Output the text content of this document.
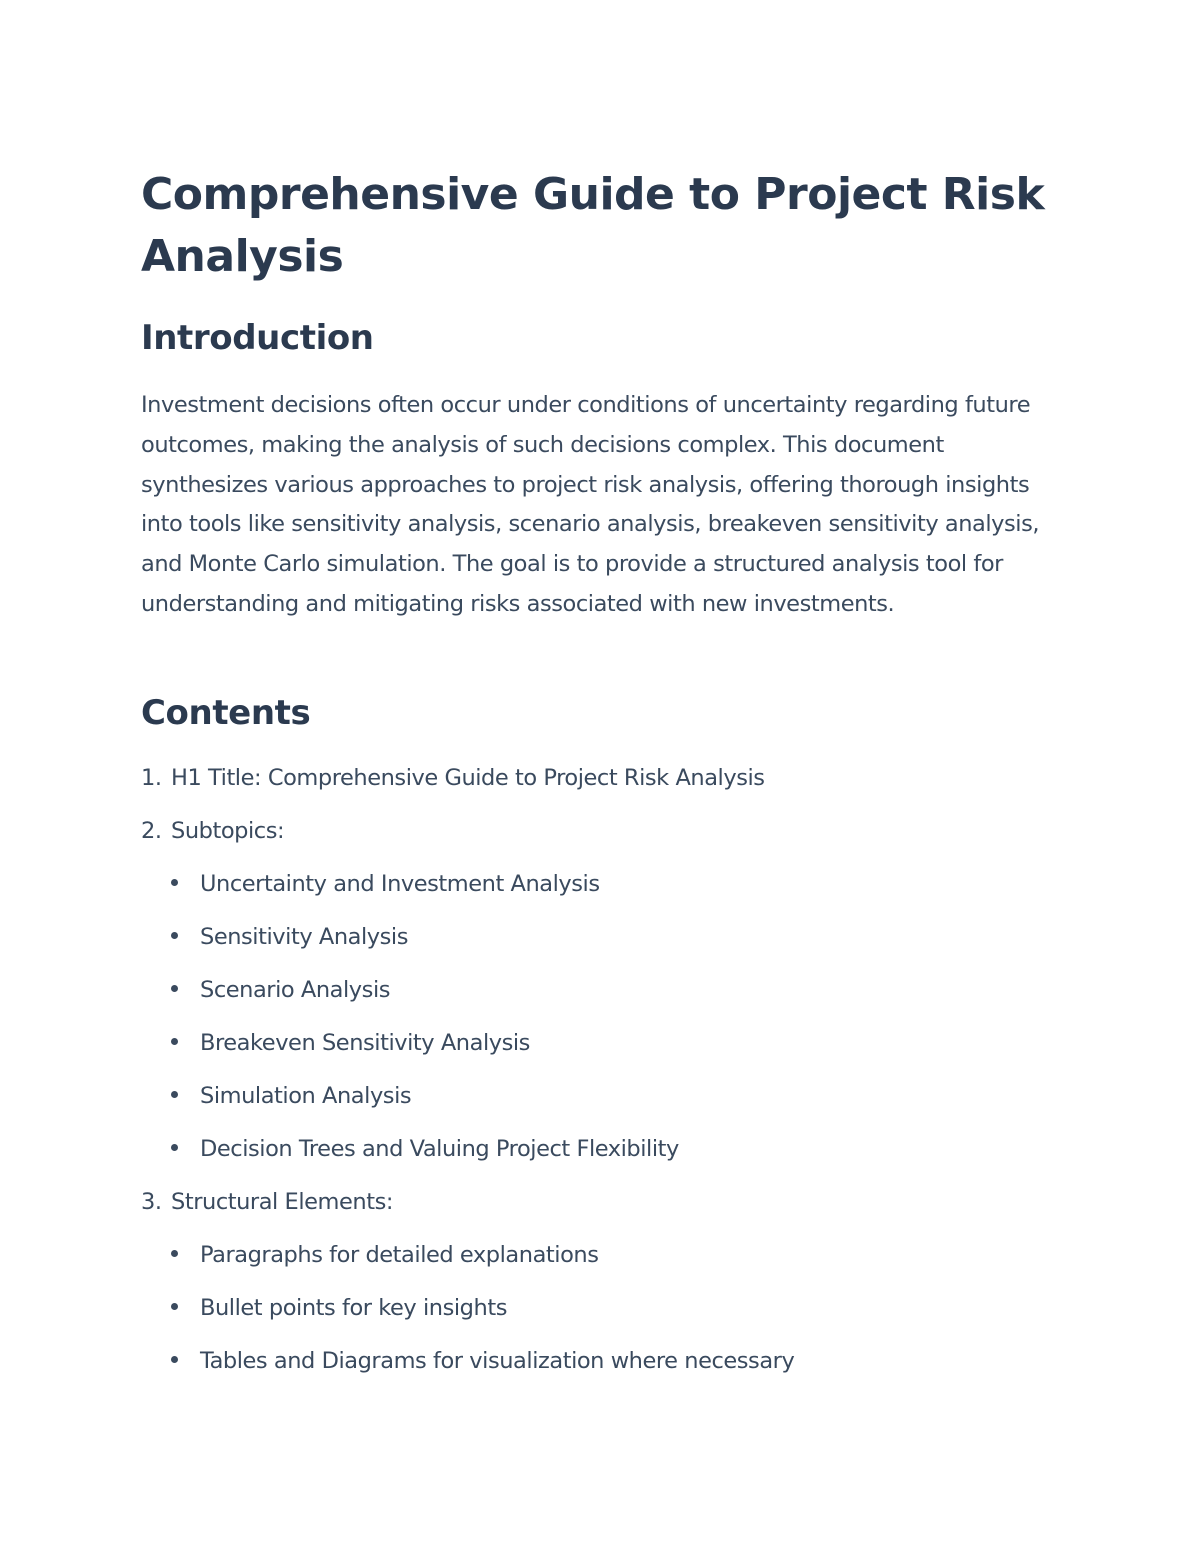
Comprehensive Guide to Project Risk Analysis
Introduction

Investment decisions often occur under conditions of uncertainty regarding future outcomes, making the analysis of such decisions complex. This document synthesizes various approaches to project risk analysis, offering thorough insights into tools like sensitivity analysis, scenario analysis, breakeven sensitivity analysis, and Monte Carlo simulation. The goal is to provide a structured analysis tool for understanding and mitigating risks associated with new investments.

Contents
1. H1 Title: Comprehensive Guide to Project Risk Analysis
2. Subtopics:
Uncertainty and Investment Analysis
Sensitivity Analysis
Scenario Analysis
Breakeven Sensitivity Analysis
Simulation Analysis
Decision Trees and Valuing Project Flexibility
3. Structural Elements:
Paragraphs for detailed explanations
Bullet points for key insights
Tables and Diagrams for visualization where necessary
